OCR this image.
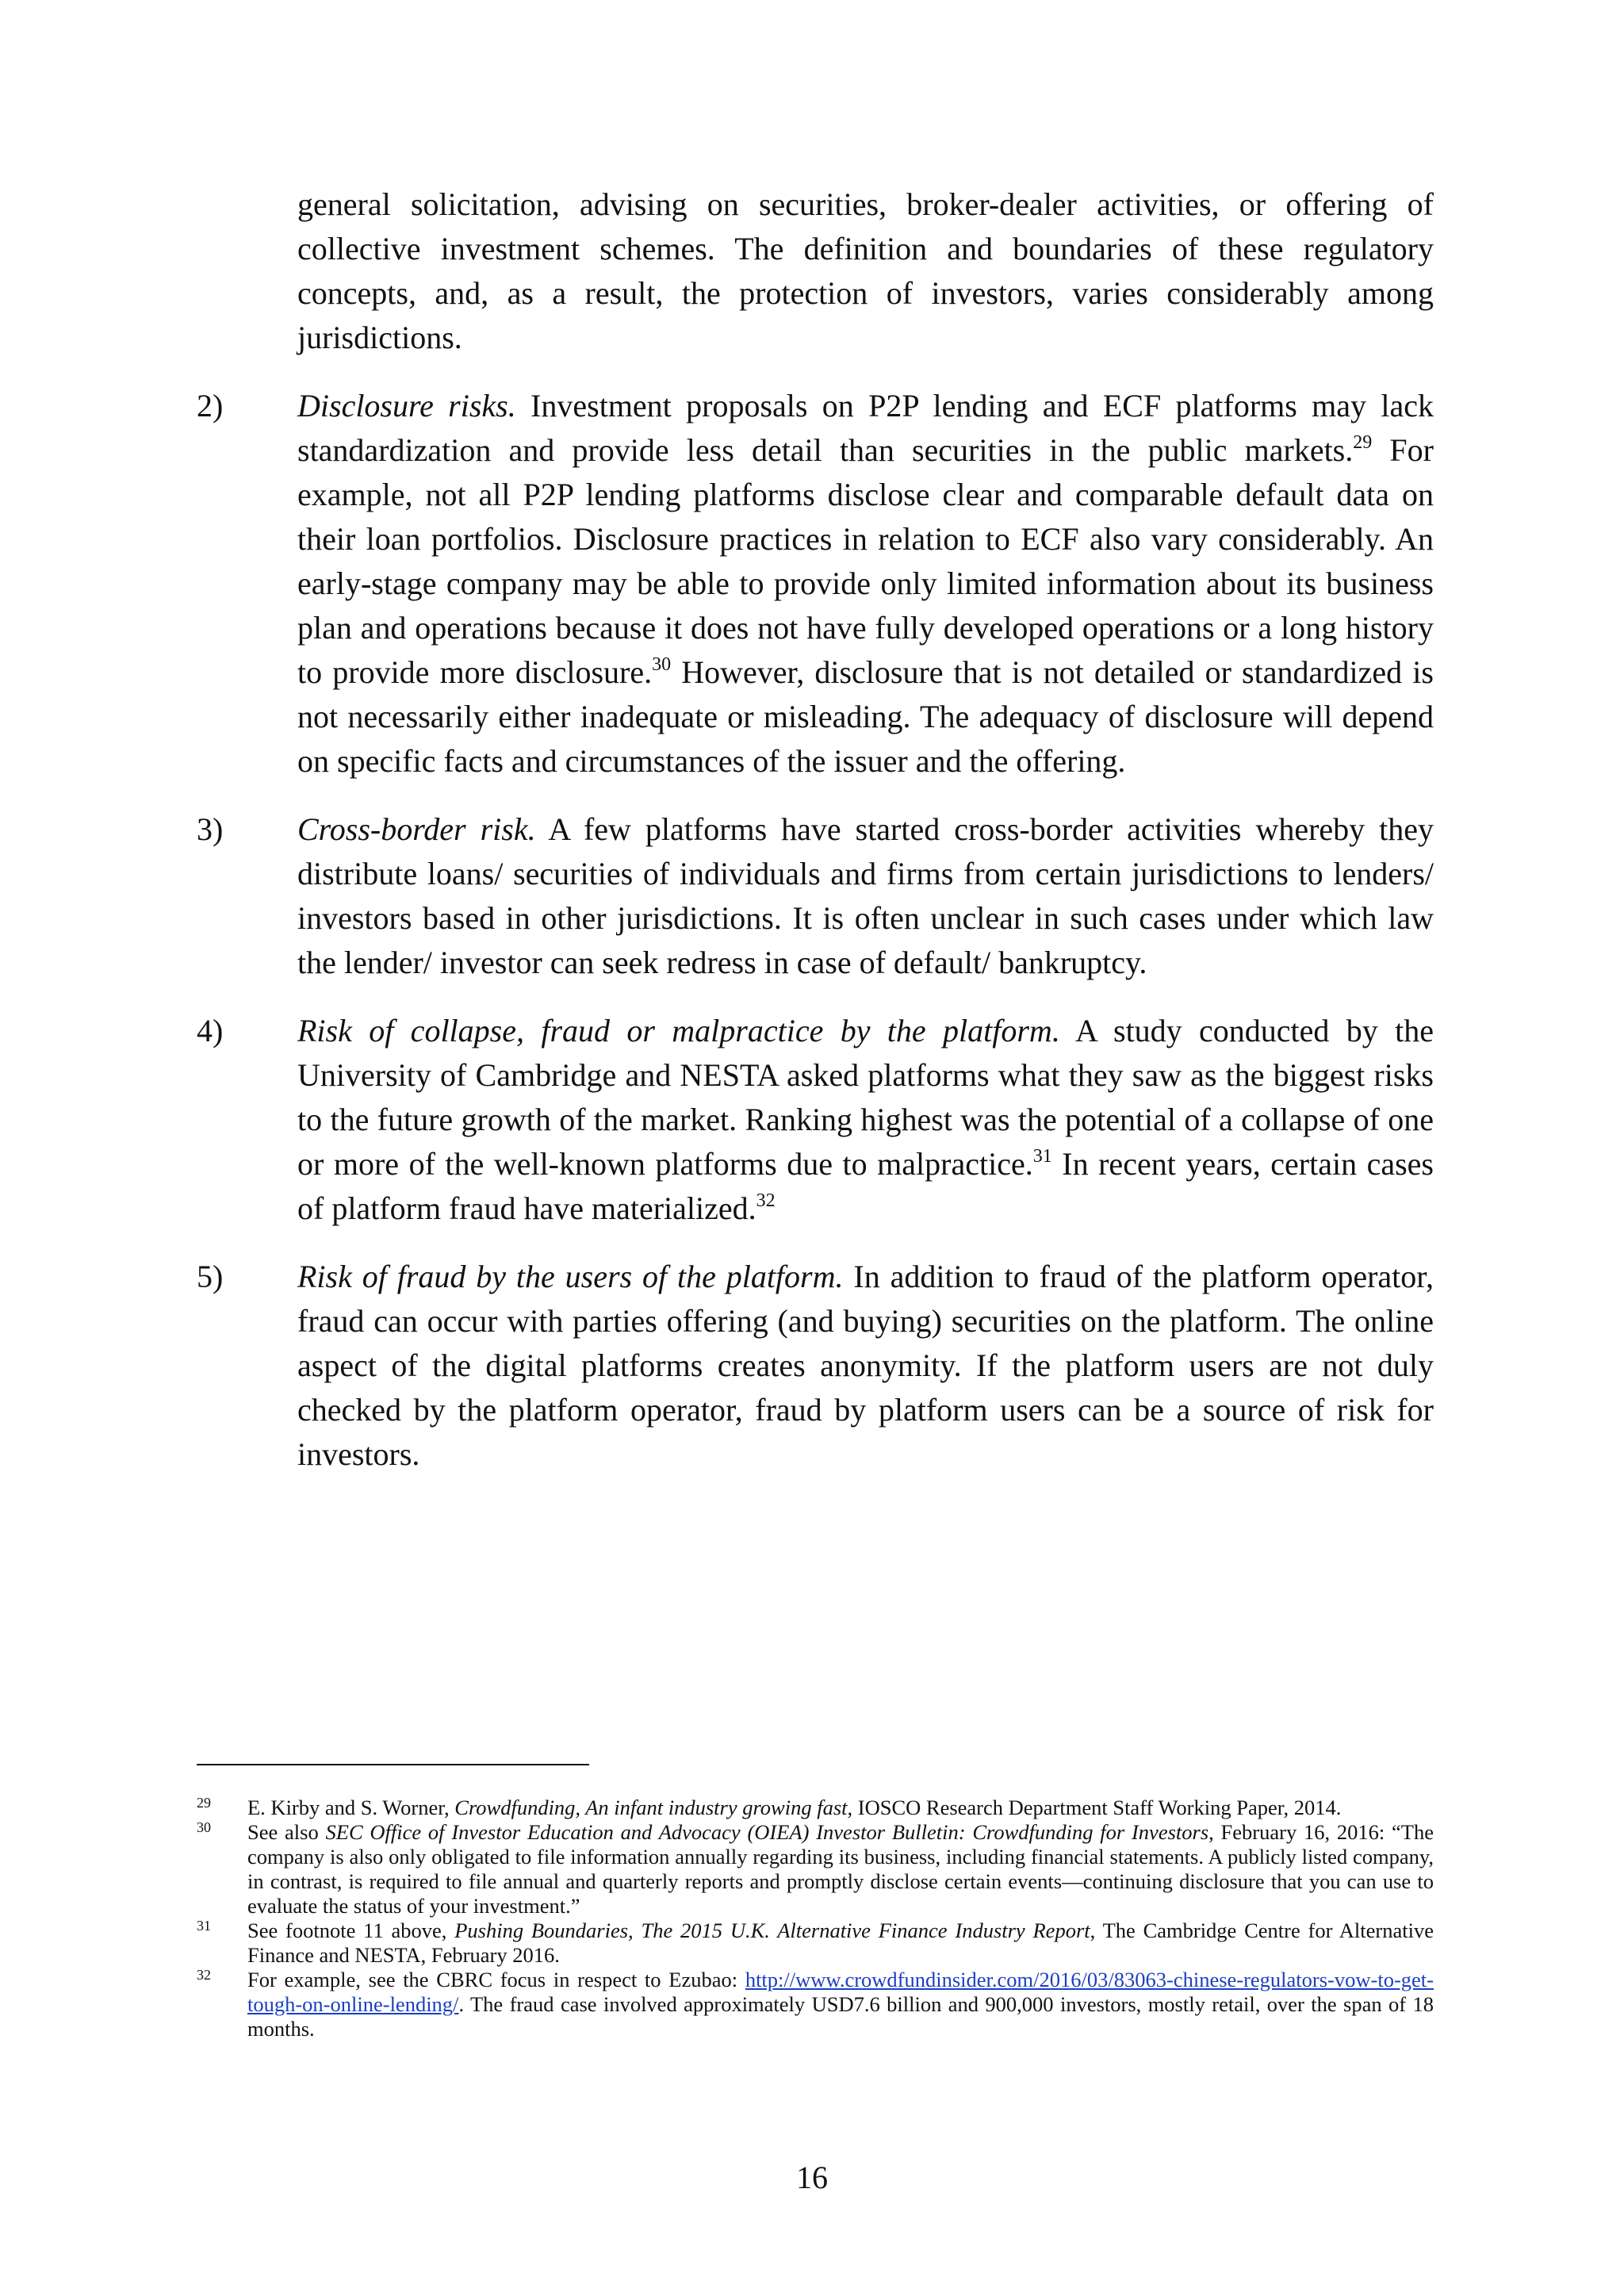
general solicitation, advising on securities, broker-dealer activities, or offering of collective investment schemes. The definition and boundaries of these regulatory concepts, and, as a result, the protection of investors, varies considerably among jurisdictions.

2) Disclosure risks. Investment proposals on P2P lending and ECF platforms may lack standardization and provide less detail than securities in the public markets.$^{29}$ For example, not all P2P lending platforms disclose clear and comparable default data on their loan portfolios. Disclosure practices in relation to ECF also vary considerably. An early-stage company may be able to provide only limited information about its business plan and operations because it does not have fully developed operations or a long history to provide more disclosure.$^{30}$ However, disclosure that is not detailed or standardized is not necessarily either inadequate or misleading. The adequacy of disclosure will depend on specific facts and circumstances of the issuer and the offering.

3) Cross-border risk. A few platforms have started cross-border activities whereby they distribute loans/ securities of individuals and firms from certain jurisdictions to lenders/ investors based in other jurisdictions. It is often unclear in such cases under which law the lender/ investor can seek redress in case of default/ bankruptcy.

4) Risk of collapse, fraud or malpractice by the platform. A study conducted by the University of Cambridge and NESTA asked platforms what they saw as the biggest risks to the future growth of the market. Ranking highest was the potential of a collapse of one or more of the well-known platforms due to malpractice.$^{31}$ In recent years, certain cases of platform fraud have materialized.$^{32}$

5) Risk of fraud by the users of the platform. In addition to fraud of the platform operator, fraud can occur with parties offering (and buying) securities on the platform. The online aspect of the digital platforms creates anonymity. If the platform users are not duly checked by the platform operator, fraud by platform users can be a source of risk for investors.

29 E. Kirby and S. Worner, Crowdfunding, An infant industry growing fast, IOSCO Research Department Staff Working Paper, 2014.
30 See also SEC Office of Investor Education and Advocacy (OIEA) Investor Bulletin: Crowdfunding for Investors, February 16, 2016: “The company is also only obligated to file information annually regarding its business, including financial statements. A publicly listed company, in contrast, is required to file annual and quarterly reports and promptly disclose certain events—continuing disclosure that you can use to evaluate the status of your investment.”
31 See footnote 11 above, Pushing Boundaries, The 2015 U.K. Alternative Finance Industry Report, The Cambridge Centre for Alternative Finance and NESTA, February 2016.
32 For example, see the CBRC focus in respect to Ezubao: http://www.crowdfundinsider.com/2016/03/83063-chinese-regulators-vow-to-get-tough-on-online-lending/. The fraud case involved approximately USD7.6 billion and 900,000 investors, mostly retail, over the span of 18 months.
16
